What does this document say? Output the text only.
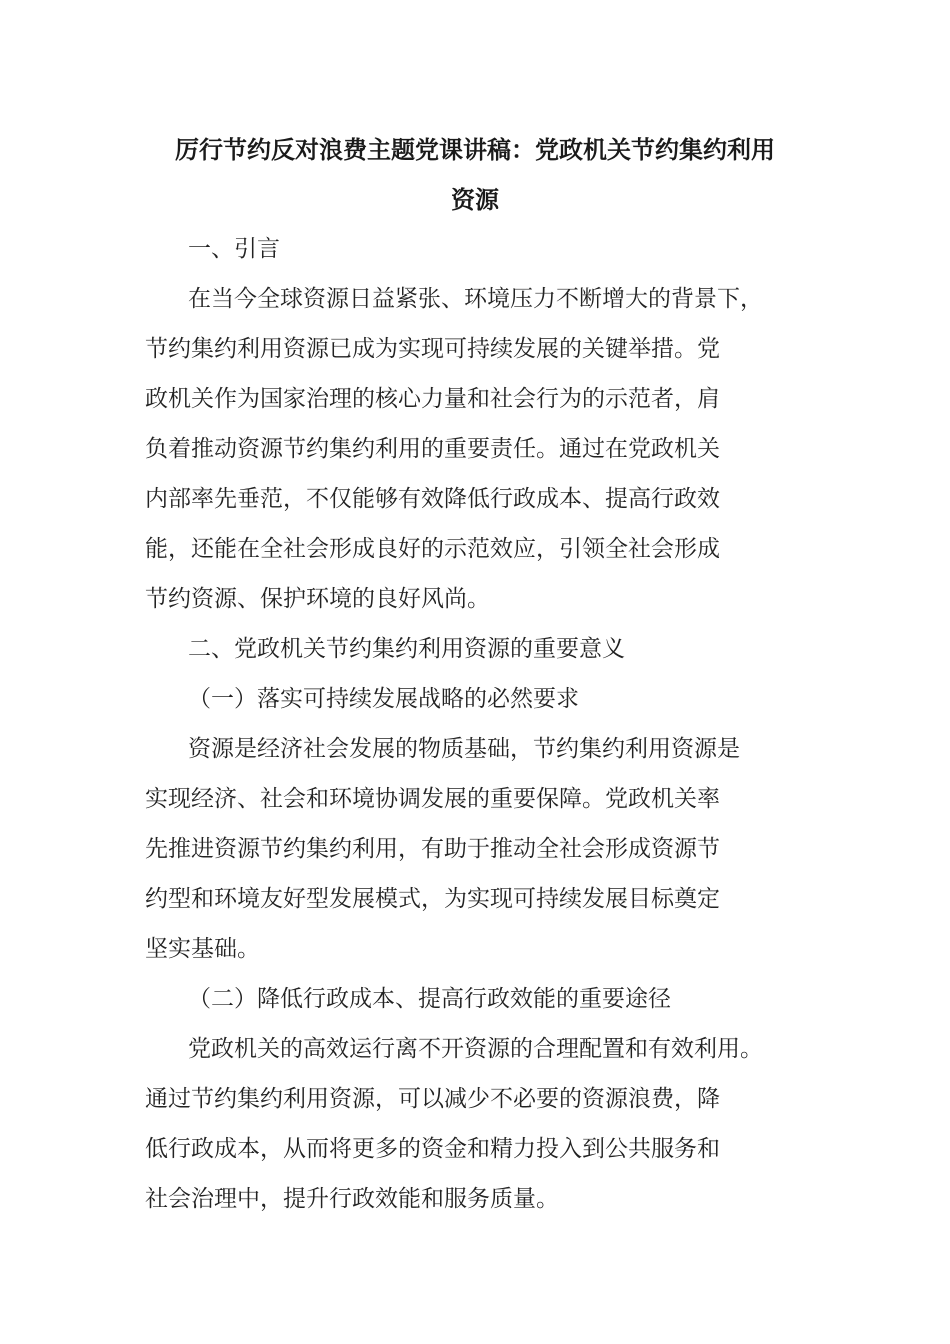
厉行节约反对浪费主题党课讲稿：党政机关节约集约利用
资源
一、引言
在当今全球资源日益紧张、环境压力不断增大的背景下，
节约集约利用资源已成为实现可持续发展的关键举措。党
政机关作为国家治理的核心力量和社会行为的示范者，肩
负着推动资源节约集约利用的重要责任。通过在党政机关
内部率先垂范，不仅能够有效降低行政成本、提高行政效
能，还能在全社会形成良好的示范效应，引领全社会形成
节约资源、保护环境的良好风尚。
二、党政机关节约集约利用资源的重要意义
（一）落实可持续发展战略的必然要求
资源是经济社会发展的物质基础，节约集约利用资源是
实现经济、社会和环境协调发展的重要保障。党政机关率
先推进资源节约集约利用，有助于推动全社会形成资源节
约型和环境友好型发展模式，为实现可持续发展目标奠定
坚实基础。
（二）降低行政成本、提高行政效能的重要途径
党政机关的高效运行离不开资源的合理配置和有效利用。
通过节约集约利用资源，可以减少不必要的资源浪费，降
低行政成本，从而将更多的资金和精力投入到公共服务和
社会治理中，提升行政效能和服务质量。
